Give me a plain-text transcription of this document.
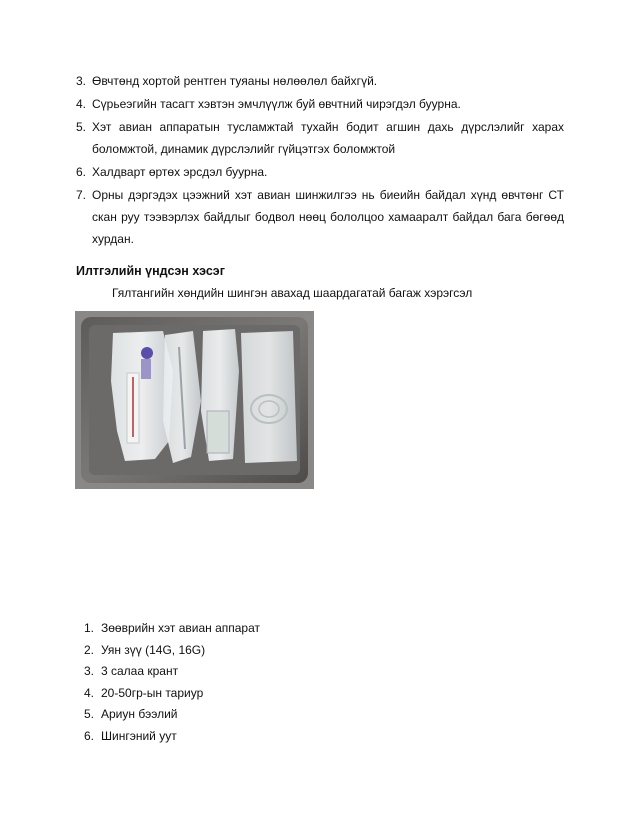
3. Өвчтөнд хортой рентген туяаны нөлөөлөл байхгүй.
4. Сүрьеэгийн тасагт хэвтэн эмчлүүлж буй өвчтний чирэгдэл буурна.
5. Хэт авиан аппаратын тусламжтай тухайн бодит агшин дахь дүрслэлийг харах боломжтой, динамик дүрслэлийг гүйцэтгэх боломжтой
6. Халдварт өртөх эрсдэл буурна.
7. Орны дэргэдэх цээжний хэт авиан шинжилгээ нь биеийн байдал хүнд өвчтөнг СТ скан руу тээвэрлэх байдлыг бодвол нөөц бололцоо хамааралт байдал бага бөгөөд хурдан.
Илтгэлийн үндсэн хэсэг
Гялтангийн хөндийн шингэн авахад шаардагатай багаж хэрэгсэл
1. Зөөврийн хэт авиан аппарат
2. Уян зүү (14G, 16G)
3. 3 салаа крант
4. 20-50гр-ын тариур
5. Ариун бээлий
6. Шингэний уут
